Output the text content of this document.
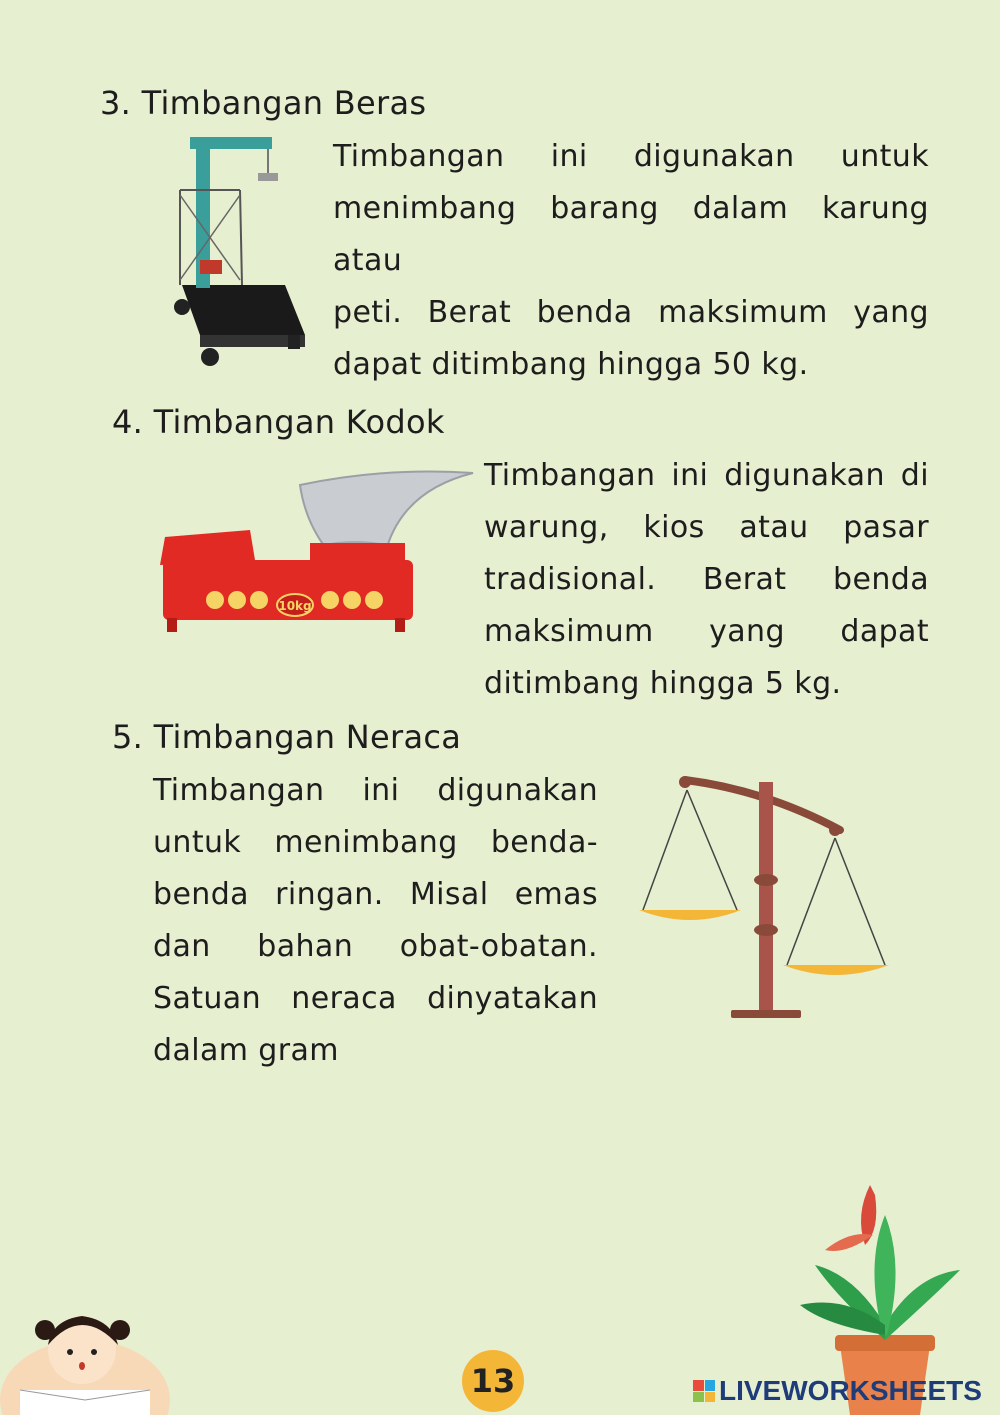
3. Timbangan Beras

Timbangan ini digunakan untuk
menimbang barang dalam karung atau
peti. Berat benda maksimum yang
dapat ditimbang hingga 50 kg.

4. Timbangan Kodok
10kg

Timbangan ini digunakan di
warung, kios atau pasar
tradisional. Berat benda
maksimum yang dapat
ditimbang hingga 5 kg.

5. Timbangan Neraca

Timbangan ini digunakan
untuk menimbang benda-
benda ringan. Misal emas
dan bahan obat-obatan.
Satuan neraca dinyatakan
dalam gram

13	LIVEWORKSHEETS
